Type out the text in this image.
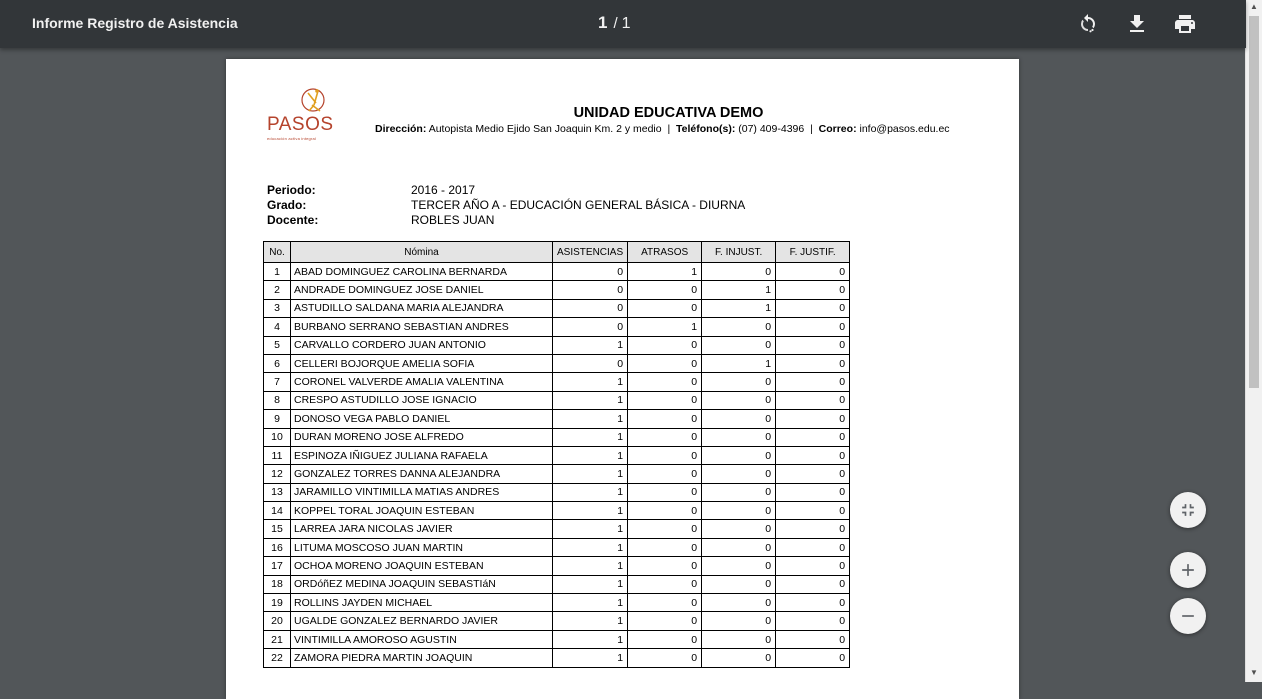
Informe Registro de Asistencia	1 / 1
PASOS
educación activa integral
UNIDAD EDUCATIVA DEMO
Dirección: Autopista Medio Ejido San Joaquin Km. 2 y medio | Teléfono(s): (07) 409-4396 | Correo: info@pasos.edu.ec
Periodo:	2016 - 2017
Grado:	TERCER AÑO A - EDUCACIÓN GENERAL BÁSICA - DIURNA
Docente:	ROBLES JUAN
No.	Nómina	ASISTENCIAS	ATRASOS	F. INJUST.	F. JUSTIF.
1	ABAD DOMINGUEZ CAROLINA BERNARDA	0	1	0	0
2	ANDRADE DOMINGUEZ JOSE DANIEL	0	0	1	0
3	ASTUDILLO SALDANA MARIA ALEJANDRA	0	0	1	0
4	BURBANO SERRANO SEBASTIAN ANDRES	0	1	0	0
5	CARVALLO CORDERO JUAN ANTONIO	1	0	0	0
6	CELLERI BOJORQUE AMELIA SOFIA	0	0	1	0
7	CORONEL VALVERDE AMALIA VALENTINA	1	0	0	0
8	CRESPO ASTUDILLO JOSE IGNACIO	1	0	0	0
9	DONOSO VEGA PABLO DANIEL	1	0	0	0
10	DURAN MORENO JOSE ALFREDO	1	0	0	0
11	ESPINOZA IÑIGUEZ JULIANA RAFAELA	1	0	0	0
12	GONZALEZ TORRES DANNA ALEJANDRA	1	0	0	0
13	JARAMILLO VINTIMILLA MATIAS ANDRES	1	0	0	0
14	KOPPEL TORAL JOAQUIN ESTEBAN	1	0	0	0
15	LARREA JARA NICOLAS JAVIER	1	0	0	0
16	LITUMA MOSCOSO JUAN MARTIN	1	0	0	0
17	OCHOA MORENO JOAQUIN ESTEBAN	1	0	0	0
18	ORDóñEZ MEDINA JOAQUIN SEBASTIáN	1	0	0	0
19	ROLLINS JAYDEN MICHAEL	1	0	0	0
20	UGALDE GONZALEZ BERNARDO JAVIER	1	0	0	0
21	VINTIMILLA AMOROSO AGUSTIN	1	0	0	0
22	ZAMORA PIEDRA MARTIN JOAQUIN	1	0	0	0
▲
▼
